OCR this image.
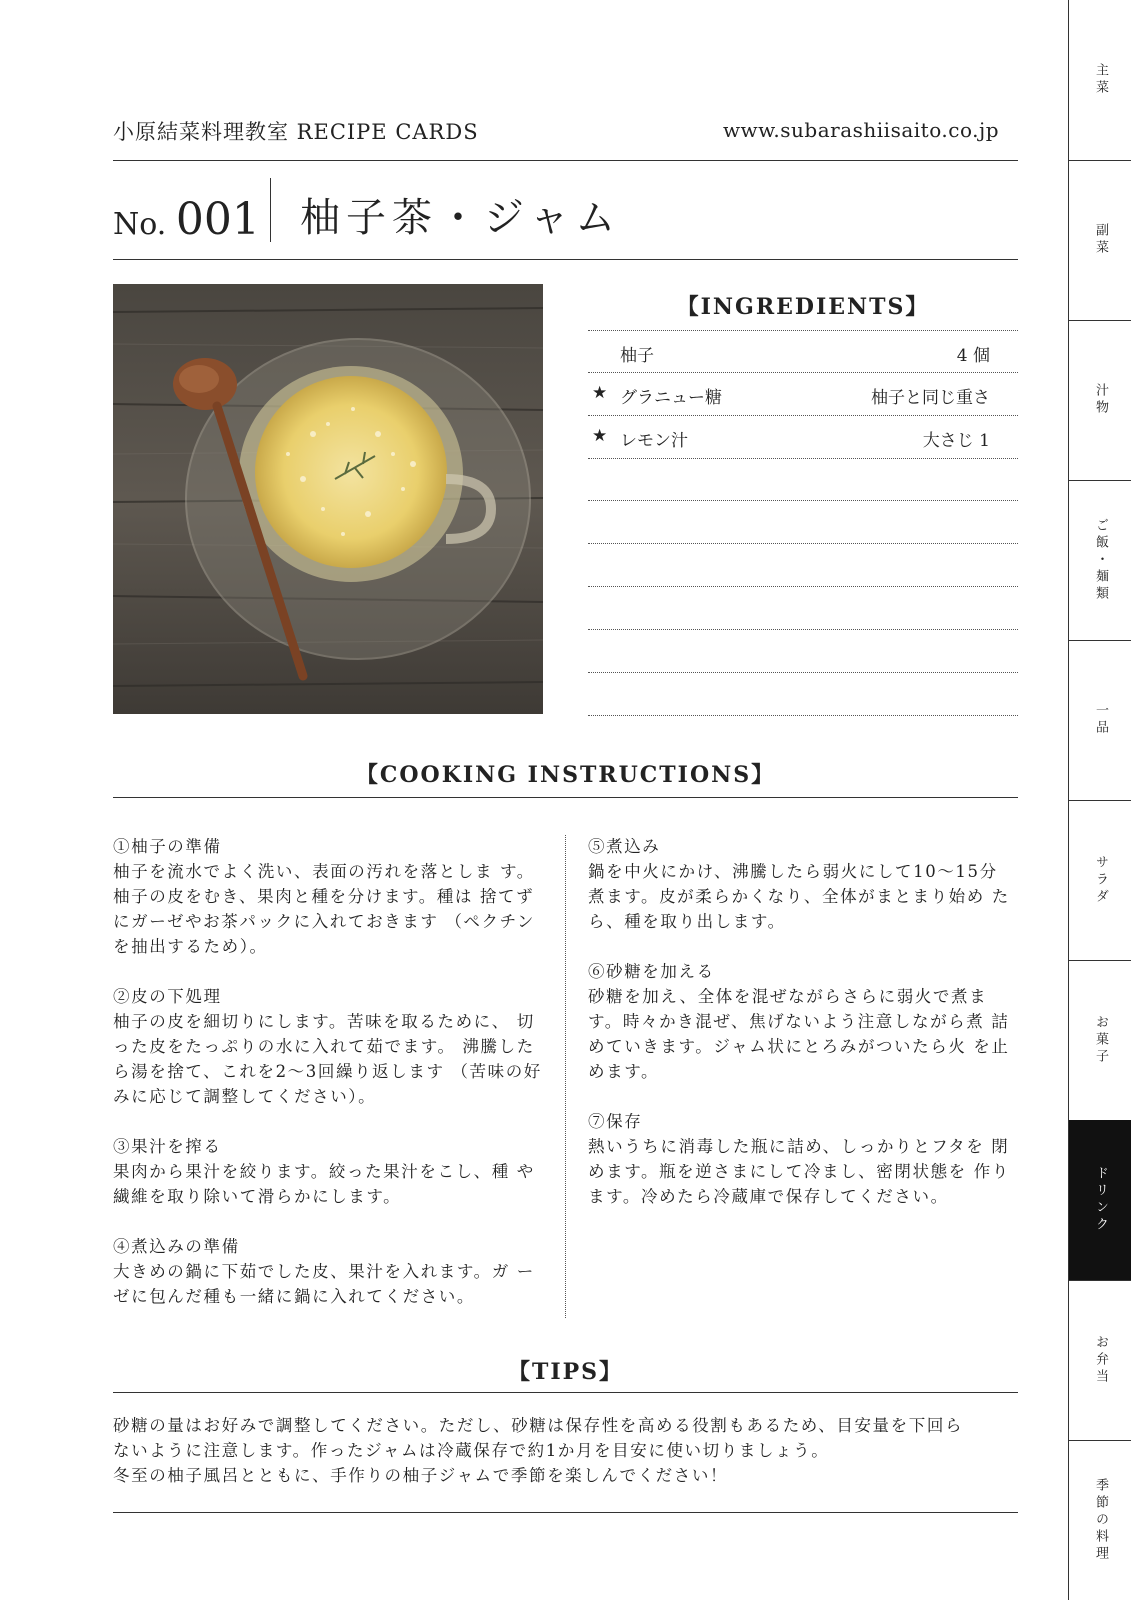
小原結菜料理教室 RECIPE CARDS	www.subarashiisaito.co.jp
No. 001 柚子茶・ジャム
【INGREDIENTS】
柚子	4 個
★ グラニュー糖	柚子と同じ重さ
★ レモン汁	大さじ 1
【COOKING INSTRUCTIONS】
①柚子の準備
柚子を流水でよく洗い、表面の汚れを落としま す。柚子の皮をむき、果肉と種を分けます。種は 捨てずにガーゼやお茶パックに入れておきます （ペクチンを抽出するため）。
②皮の下処理
柚子の皮を細切りにします。苦味を取るために、 切った皮をたっぷりの水に入れて茹でます。 沸騰したら湯を捨て、これを2〜3回繰り返します （苦味の好みに応じて調整してください）。
③果汁を搾る
果肉から果汁を絞ります。絞った果汁をこし、種 や繊維を取り除いて滑らかにします。
④煮込みの準備
大きめの鍋に下茹でした皮、果汁を入れます。ガ ーゼに包んだ種も一緒に鍋に入れてください。
⑤煮込み
鍋を中火にかけ、沸騰したら弱火にして10〜15分 煮ます。皮が柔らかくなり、全体がまとまり始め たら、種を取り出します。
⑥砂糖を加える
砂糖を加え、全体を混ぜながらさらに弱火で煮ま す。時々かき混ぜ、焦げないよう注意しながら煮 詰めていきます。ジャム状にとろみがついたら火 を止めます。
⑦保存
熱いうちに消毒した瓶に詰め、しっかりとフタを 閉めます。瓶を逆さまにして冷まし、密閉状態を 作ります。冷めたら冷蔵庫で保存してください。
【TIPS】
砂糖の量はお好みで調整してください。ただし、砂糖は保存性を高める役割もあるため、目安量を下回ら
ないように注意します。作ったジャムは冷蔵保存で約1か月を目安に使い切りましょう。
冬至の柚子風呂とともに、手作りの柚子ジャムで季節を楽しんでください！
主菜
副菜
汁物
ご飯・麺類
一品
サラダ
お菓子
ドリンク
お弁当
季節の料理
